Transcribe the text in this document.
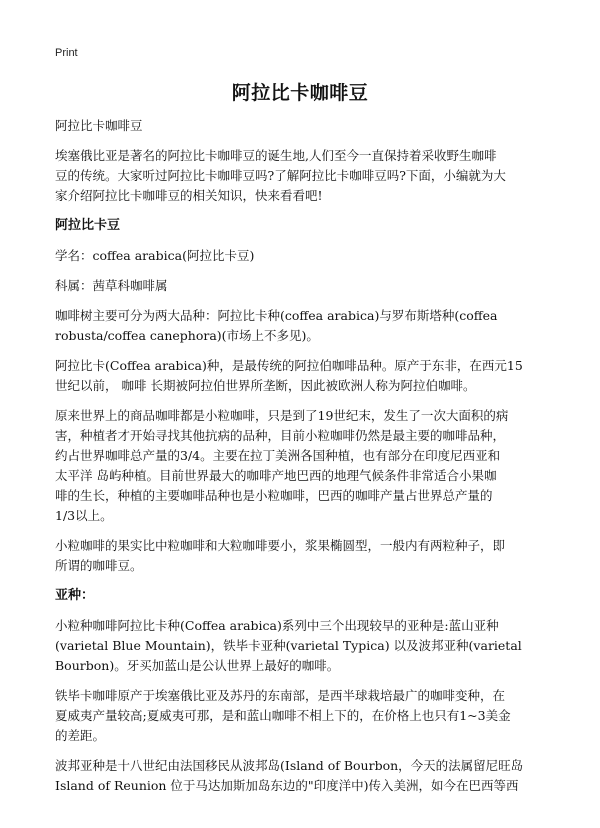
Print
阿拉比卡咖啡豆

阿拉比卡咖啡豆

埃塞俄比亚是著名的阿拉比卡咖啡豆的诞生地,人们至今一直保持着采收野生咖啡
豆的传统。大家听过阿拉比卡咖啡豆吗?了解阿拉比卡咖啡豆吗?下面，小编就为大
家介绍阿拉比卡咖啡豆的相关知识，快来看看吧!

阿拉比卡豆

学名：coffea arabica(阿拉比卡豆)

科属：茜草科咖啡属

咖啡树主要可分为两大品种：阿拉比卡种(coffea arabica)与罗布斯塔种(coffea
robusta/coffea canephora)(市场上不多见)。

阿拉比卡(Coffea arabica)种，是最传统的阿拉伯咖啡品种。原产于东非，在西元15
世纪以前， 咖啡 长期被阿拉伯世界所垄断，因此被欧洲人称为阿拉伯咖啡。

原来世界上的商品咖啡都是小粒咖啡，只是到了19世纪末，发生了一次大面积的病
害，种植者才开始寻找其他抗病的品种，目前小粒咖啡仍然是最主要的咖啡品种，
约占世界咖啡总产量的3/4。主要在拉丁美洲各国种植，也有部分在印度尼西亚和
太平洋 岛屿种植。目前世界最大的咖啡产地巴西的地理气候条件非常适合小果咖
啡的生长，种植的主要咖啡品种也是小粒咖啡，巴西的咖啡产量占世界总产量的
1/3以上。

小粒咖啡的果实比中粒咖啡和大粒咖啡要小，浆果椭圆型，一般内有两粒种子，即
所谓的咖啡豆。

亚种：

小粒种咖啡阿拉比卡种(Coffea arabica)系列中三个出现较早的亚种是:蓝山亚种
(varietal Blue Mountain)，铁毕卡亚种(varietal Typica) 以及波邦亚种(varietal
Bourbon)。牙买加蓝山是公认世界上最好的咖啡。

铁毕卡咖啡原产于埃塞俄比亚及苏丹的东南部，是西半球栽培最广的咖啡变种，在
夏威夷产量较高;夏威夷可那，是和蓝山咖啡不相上下的，在价格上也只有1~3美金
的差距。

波邦亚种是十八世纪由法国移民从波邦岛(Island of Bourbon，今天的法属留尼旺岛
Island of Reunion 位于马达加斯加岛东边的"印度洋中)传入美洲，如今在巴西等西
